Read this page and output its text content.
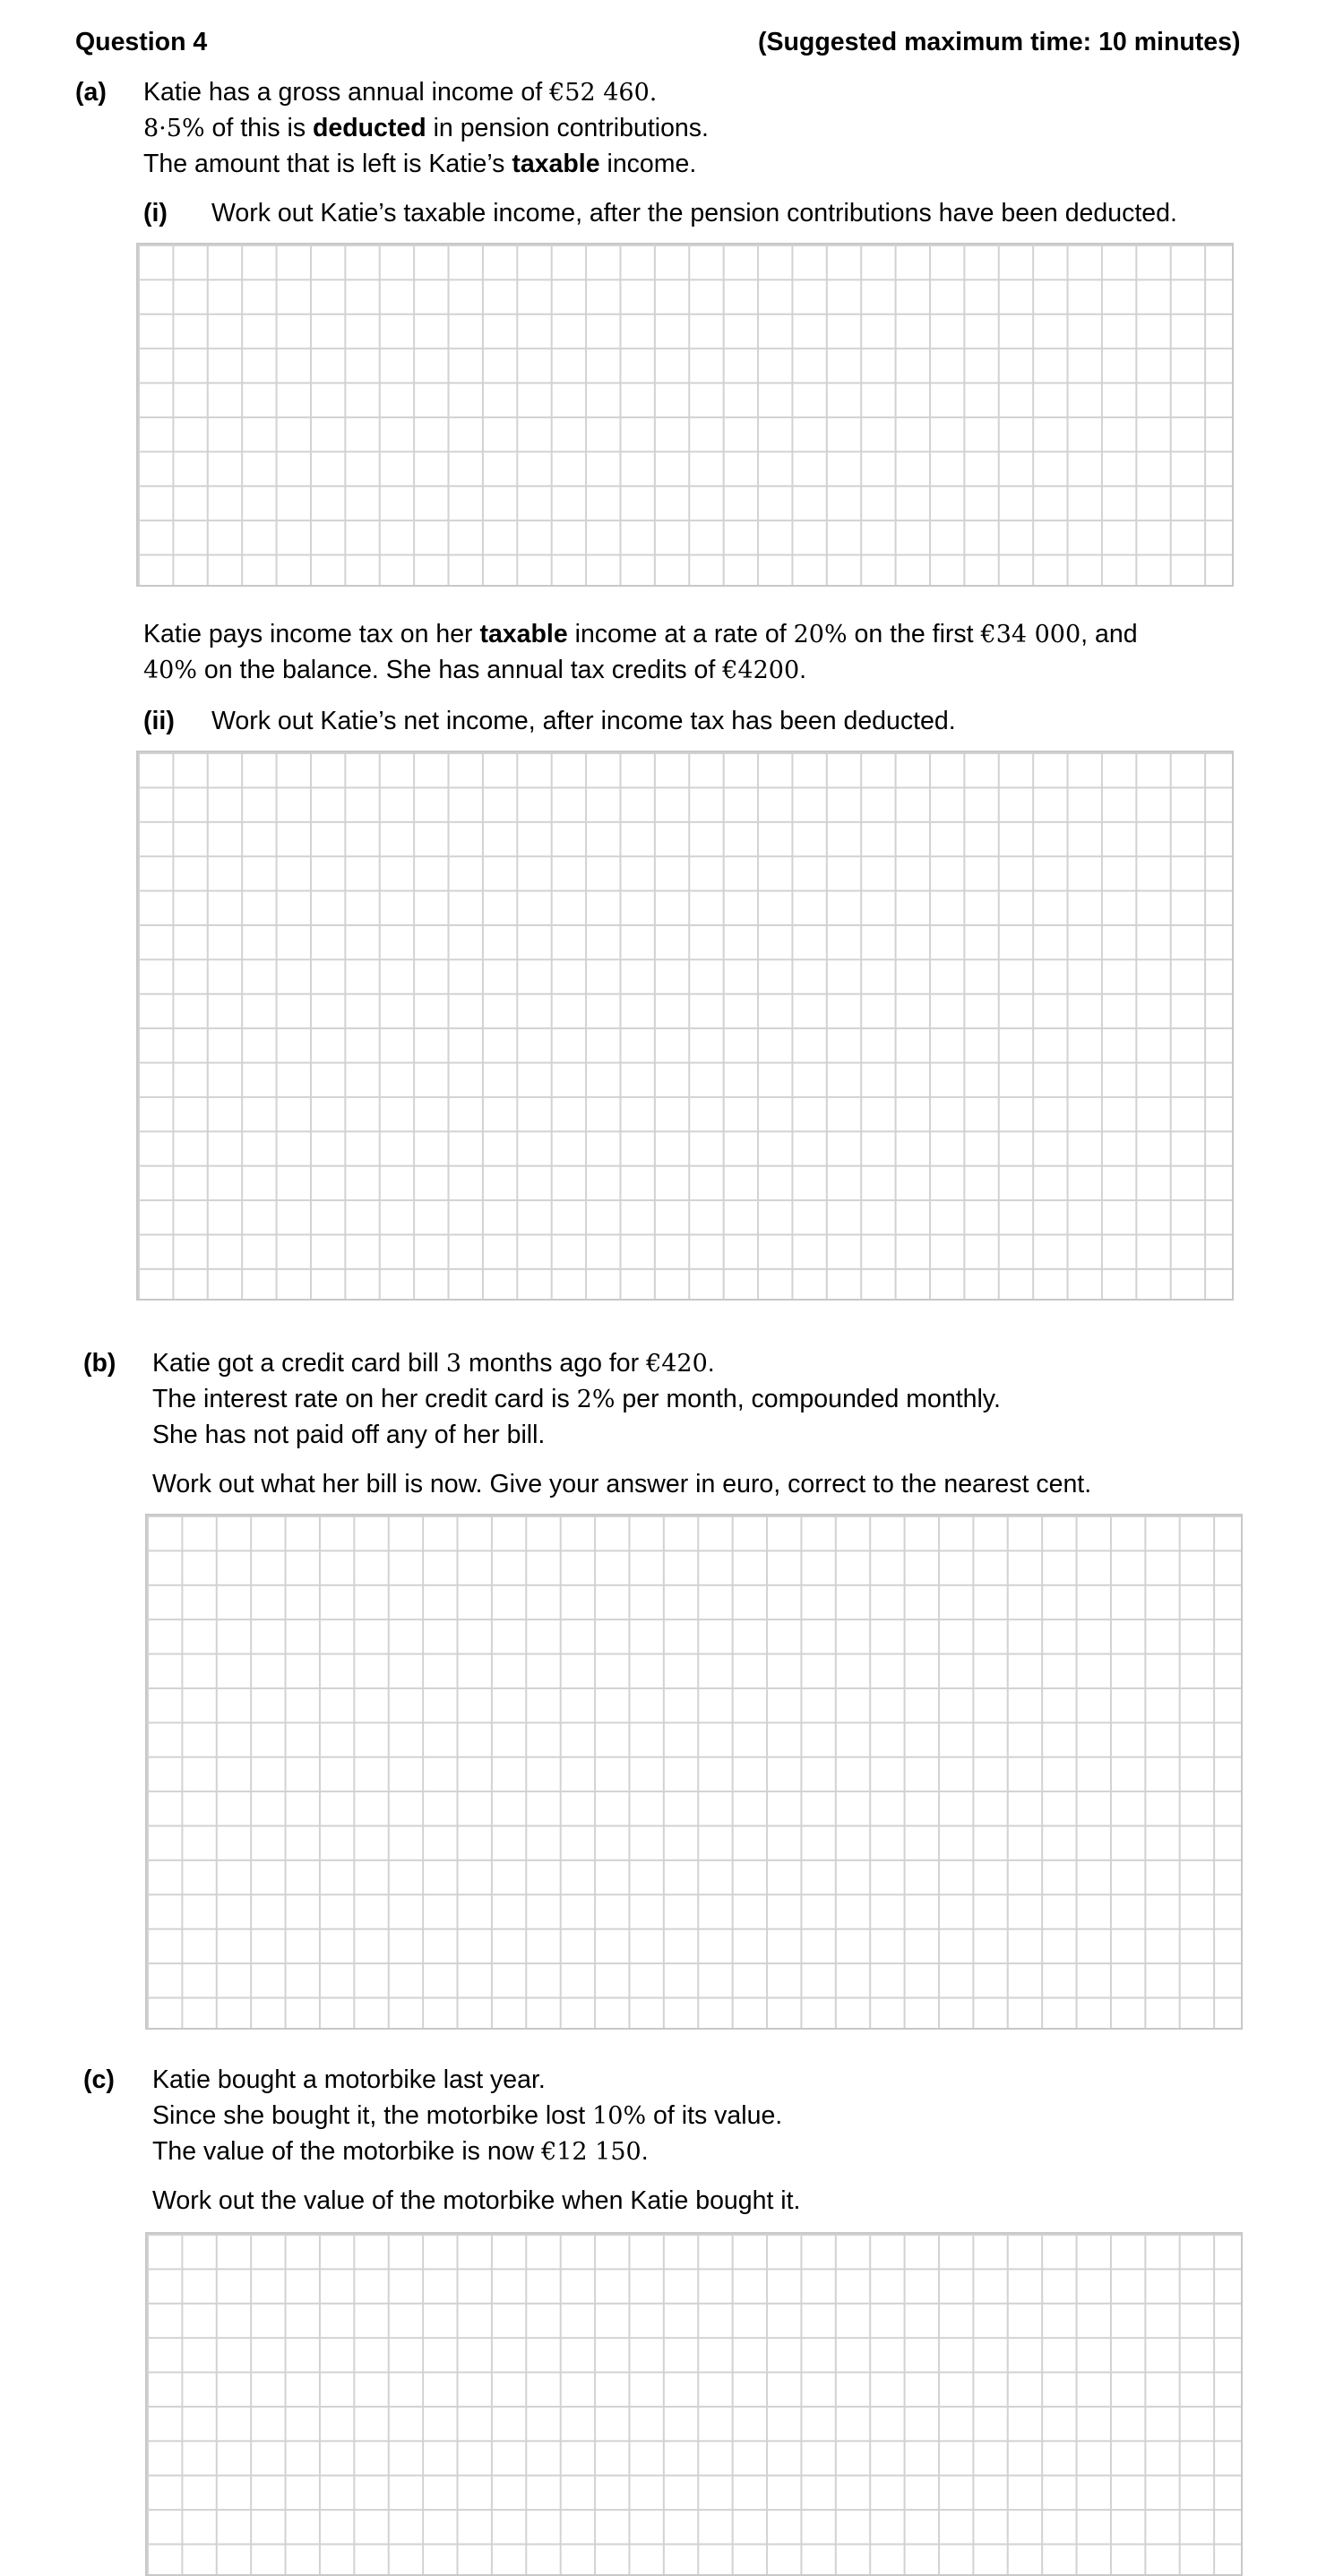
Question 4	(Suggested maximum time: 10 minutes)
(a) Katie has a gross annual income of €52 460.
8·5% of this is deducted in pension contributions.
The amount that is left is Katie’s taxable income.
(i) Work out Katie’s taxable income, after the pension contributions have been deducted.
Katie pays income tax on her taxable income at a rate of 20% on the first €34 000, and
40% on the balance. She has annual tax credits of €4200.
(ii) Work out Katie’s net income, after income tax has been deducted.
(b) Katie got a credit card bill 3 months ago for €420.
The interest rate on her credit card is 2% per month, compounded monthly.
She has not paid off any of her bill.
Work out what her bill is now. Give your answer in euro, correct to the nearest cent.
(c) Katie bought a motorbike last year.
Since she bought it, the motorbike lost 10% of its value.
The value of the motorbike is now €12 150.
Work out the value of the motorbike when Katie bought it.
